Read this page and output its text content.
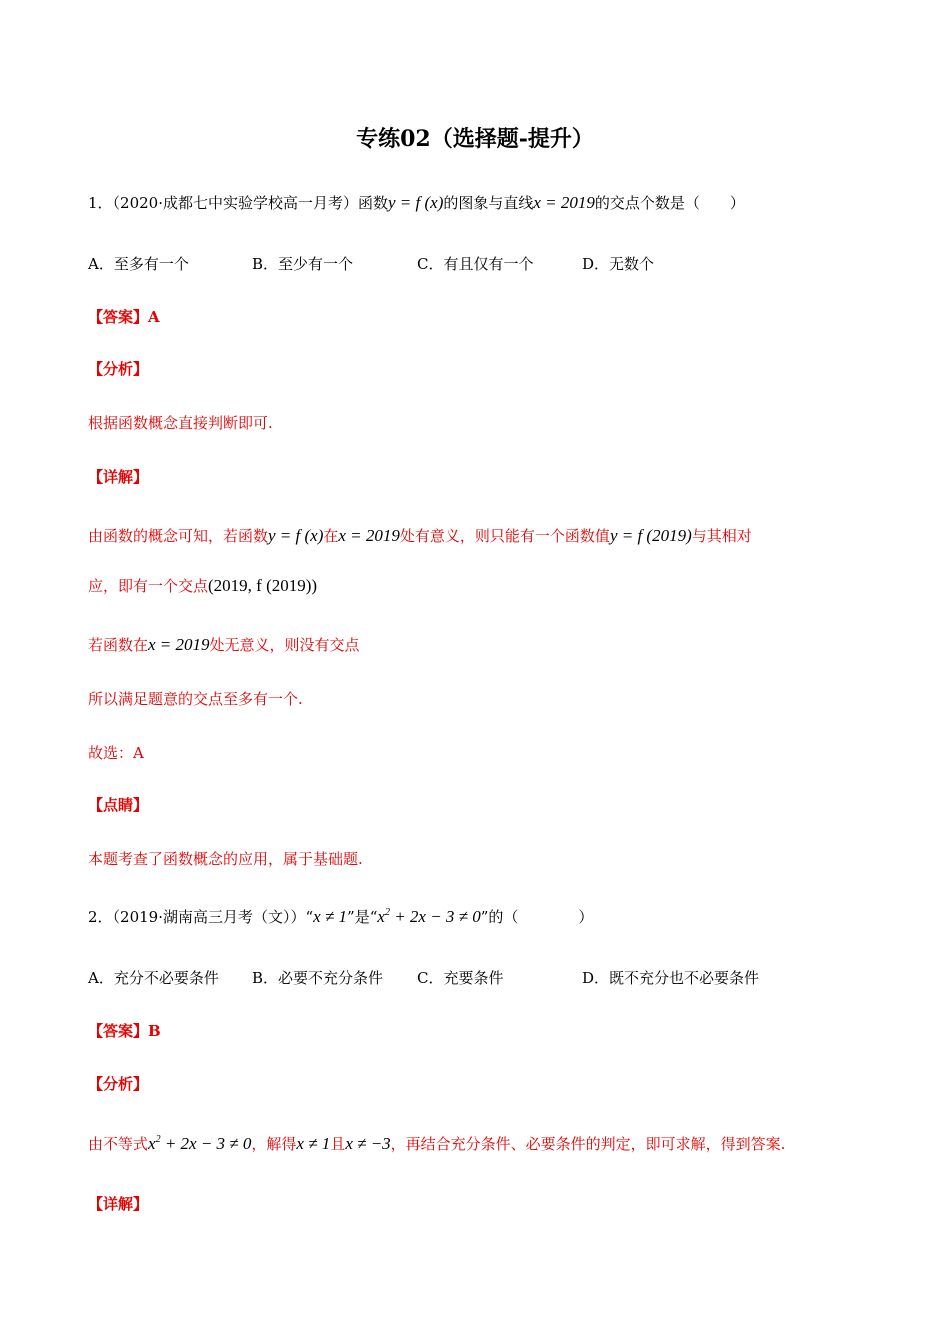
专练02（选择题-提升）
1．（2020·成都七中实验学校高一月考）函数y = f (x)的图象与直线x = 2019的交点个数是（　　）
A．至多有一个	B．至少有一个	C．有且仅有一个	D．无数个
【答案】A
【分析】
根据函数概念直接判断即可.
【详解】
由函数的概念可知，若函数y = f (x)在x = 2019处有意义，则只能有一个函数值y = f (2019)与其相对
应，即有一个交点(2019, f (2019))
若函数在x = 2019处无意义，则没有交点
所以满足题意的交点至多有一个.
故选：A
【点睛】
本题考查了函数概念的应用，属于基础题.
2．（2019·湖南高三月考（文））“x ≠ 1”是“$x^2 + 2x - 3 \ne 0$”的（　　　　）
A．充分不必要条件 B．必要不充分条件 C．充要条件	D．既不充分也不必要条件
【答案】B
【分析】
由不等式$x^2 + 2x - 3 \ne 0$，解得x ≠ 1且x ≠ −3，再结合充分条件、必要条件的判定，即可求解，得到答案.
【详解】
